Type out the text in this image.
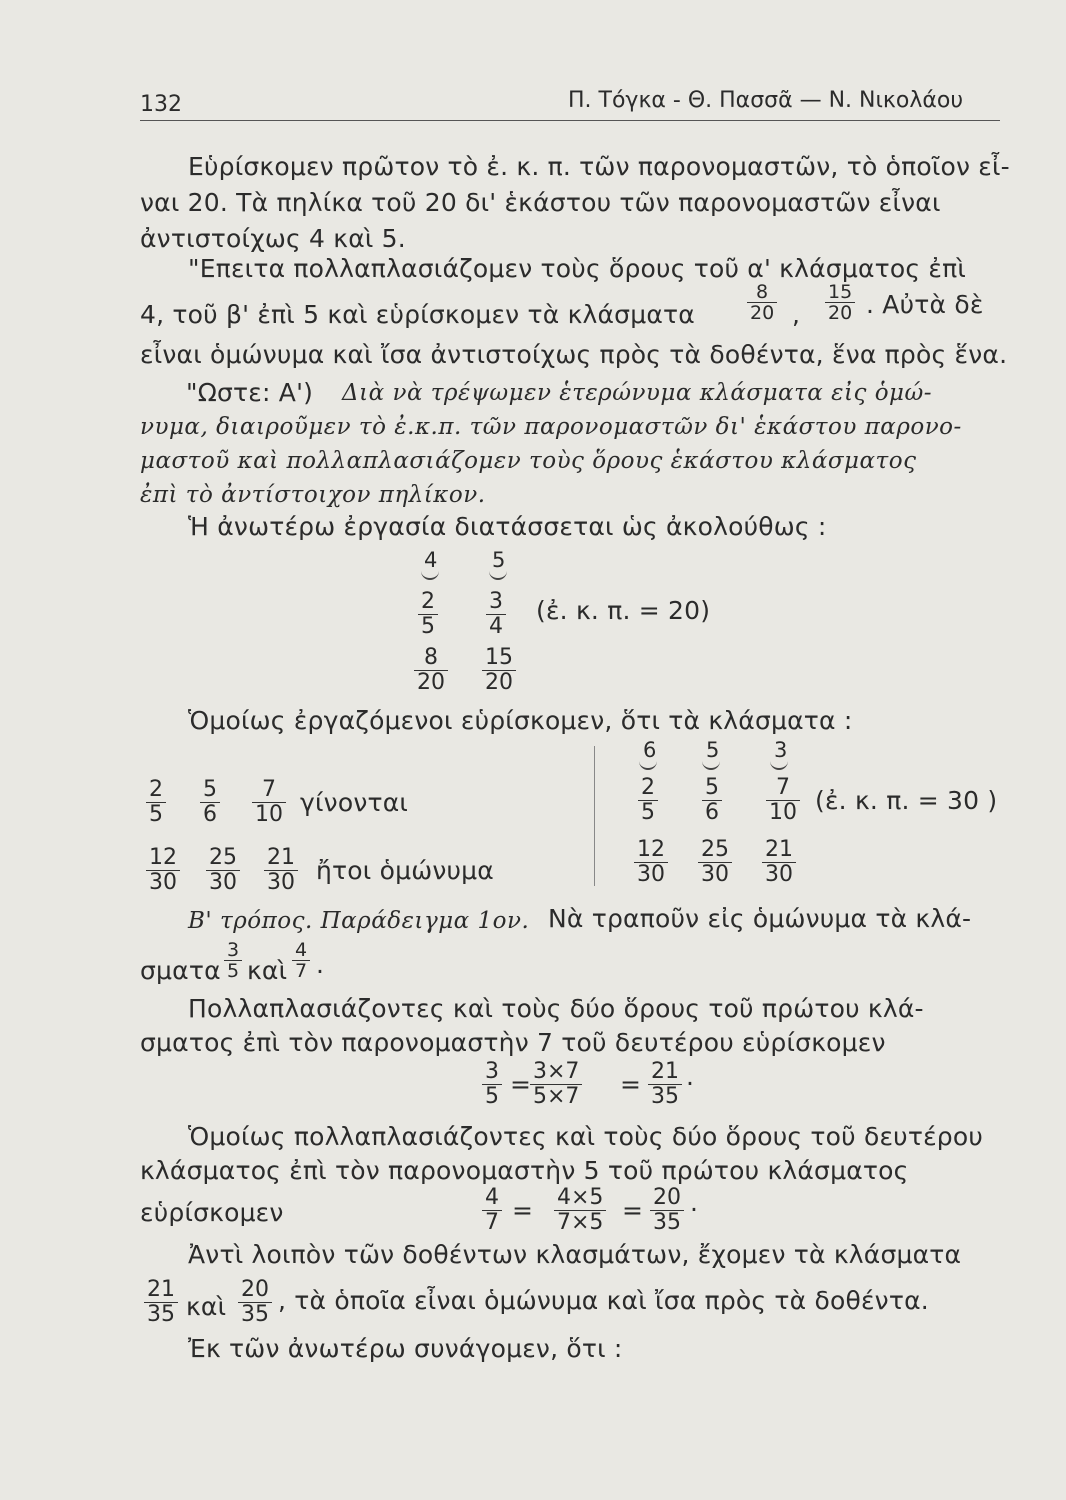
132	Π. Τόγκα - Θ. Πασσᾶ — Ν. Νικολάου
Εὑρίσκομεν πρῶτον τὸ ἐ. κ. π. τῶν παρονομαστῶν, τὸ ὁποῖον εἶ-
ναι 20. Τὰ πηλίκα τοῦ 20 δι' ἑκάστου τῶν παρονομαστῶν εἶναι
ἀντιστοίχως 4 καὶ 5.
"Επειτα πολλαπλασιάζομεν τοὺς ὅρους τοῦ α' κλάσματος ἐπὶ
4, τοῦ β' ἐπὶ 5 καὶ εὑρίσκομεν τὰ κλάσματα	$\frac{8}{20}$ , $\frac{15}{20}$ . Αὐτὰ δὲ
εἶναι ὁμώνυμα καὶ ἴσα ἀντιστοίχως πρὸς τὰ δοθέντα, ἕνα πρὸς ἕνα.
"Ωστε: Α') Διὰ νὰ τρέψωμεν ἑτερώνυμα κλάσματα εἰς ὁμώ-
νυμα, διαιροῦμεν τὸ ἐ.κ.π. τῶν παρονομαστῶν δι' ἑκάστου παρονο-
μαστοῦ καὶ πολλαπλασιάζομεν τοὺς ὅρους ἑκάστου κλάσματος
ἐπὶ τὸ ἀντίστοιχον πηλίκον.
Ἡ ἀνωτέρω ἐργασία διατάσσεται ὡς ἀκολούθως :
4	5
$\frac{2}{5} \frac{3}{4}$ (ἐ. κ. π. = 20)
$\frac{8}{20} \frac{15}{20}$
Ὁμοίως ἐργαζόμενοι εὑρίσκομεν, ὅτι τὰ κλάσματα :
$\frac{2}{5} \frac{5}{6} \frac{7}{10}$ γίνονται
$\frac{12}{30} \frac{25}{30} \frac{21}{30}$ ἤτοι ὁμώνυμα
6 5	3
$\frac{2}{5} \frac{5}{6} \frac{7}{10}$ (ἐ. κ. π. = 30 )
$\frac{12}{30} \frac{25}{30} \frac{21}{30}$
Β' τρόπος. Παράδειγμα 1ον. Νὰ τραποῦν εἰς ὁμώνυμα τὰ κλά-
σματα $\frac{3}{5}$ καὶ $\frac{4}{7}$ .
Πολλαπλασιάζοντες καὶ τοὺς δύο ὅρους τοῦ πρώτου κλά-
σματος ἐπὶ τὸν παρονομαστὴν 7 τοῦ δευτέρου εὑρίσκομεν
$\frac{3}{5}$ =
$\frac{3\times 7}{5\times 7} = \frac{21}{35}$ .
Ὁμοίως πολλαπλασιάζοντες καὶ τοὺς δύο ὅρους τοῦ δευτέρου
κλάσματος ἐπὶ τὸν παρονομαστὴν 5 τοῦ πρώτου κλάσματος
εὑρίσκομεν	$\frac{4}{7} = \frac{4\times 5}{7\times 5} = \frac{20}{35}$ .
Ἀντὶ λοιπὸν τῶν δοθέντων κλασμάτων, ἔχομεν τὰ κλάσματα
$\frac{21}{35}$ καὶ $\frac{20}{35}$ , τὰ ὁποῖα εἶναι ὁμώνυμα καὶ ἴσα πρὸς τὰ δοθέντα.
Ἐκ τῶν ἀνωτέρω συνάγομεν, ὅτι :
